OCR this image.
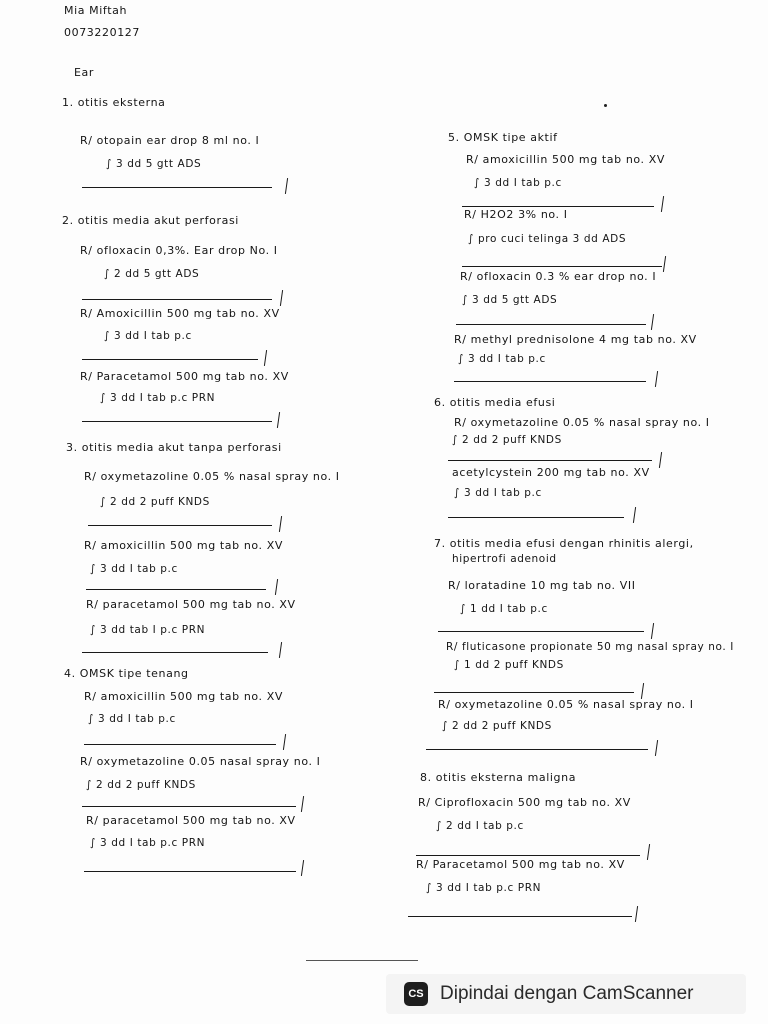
Mia Miftah
0073220127
Ear
1. otitis eksterna
R/ otopain ear drop 8 ml no. I
∫ 3 dd 5 gtt ADS
2. otitis media akut perforasi
R/ ofloxacin 0,3%. Ear drop No. I
∫ 2 dd 5 gtt ADS
R/ Amoxicillin 500 mg tab no. XV
∫ 3 dd I tab p.c
R/ Paracetamol 500 mg tab no. XV
∫ 3 dd I tab p.c PRN
3. otitis media akut tanpa perforasi
R/ oxymetazoline 0.05 % nasal spray no. I
∫ 2 dd 2 puff KNDS
R/ amoxicillin 500 mg tab no. XV
∫ 3 dd I tab p.c
R/ paracetamol 500 mg tab no. XV
∫ 3 dd tab I p.c PRN
4. OMSK tipe tenang
R/ amoxicillin 500 mg tab no. XV
∫ 3 dd I tab p.c
R/ oxymetazoline 0.05 nasal spray no. I
∫ 2 dd 2 puff KNDS
R/ paracetamol 500 mg tab no. XV
∫ 3 dd I tab p.c PRN
5. OMSK tipe aktif
R/ amoxicillin 500 mg tab no. XV
∫ 3 dd I tab p.c
R/ H2O2 3% no. I
∫ pro cuci telinga 3 dd ADS
R/ ofloxacin 0.3 % ear drop no. I
∫ 3 dd 5 gtt ADS
R/ methyl prednisolone 4 mg tab no. XV
∫ 3 dd I tab p.c
6. otitis media efusi
R/ oxymetazoline 0.05 % nasal spray no. I
∫ 2 dd 2 puff KNDS
acetylcystein 200 mg tab no. XV
∫ 3 dd I tab p.c
7. otitis media efusi dengan rhinitis alergi,
hipertrofi adenoid
R/ loratadine 10 mg tab no. VII
∫ 1 dd I tab p.c
R/ fluticasone propionate 50 mg nasal spray no. I
∫ 1 dd 2 puff KNDS
R/ oxymetazoline 0.05 % nasal spray no. I
∫ 2 dd 2 puff KNDS
8. otitis eksterna maligna
R/ Ciprofloxacin 500 mg tab no. XV
∫ 2 dd I tab p.c
R/ Paracetamol 500 mg tab no. XV
∫ 3 dd I tab p.c PRN
CS Dipindai dengan CamScanner
